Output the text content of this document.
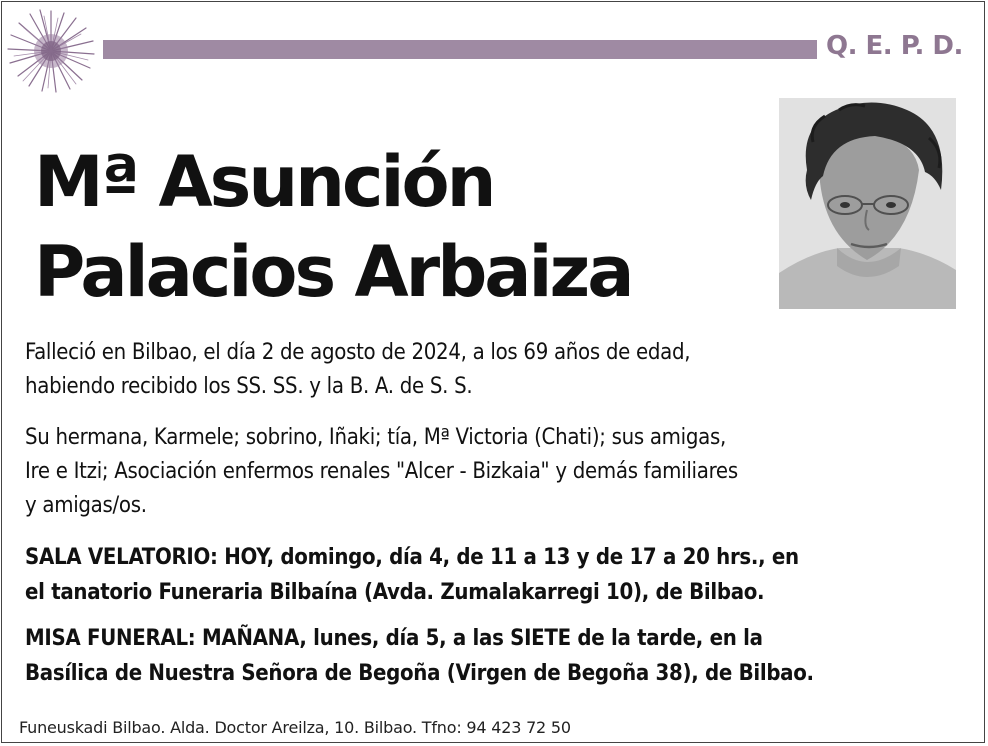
Q. E. P. D.
Mª Asunción
Palacios Arbaiza
Falleció en Bilbao, el día 2 de agosto de 2024, a los 69 años de edad,
habiendo recibido los SS. SS. y la B. A. de S. S.
Su hermana, Karmele; sobrino, Iñaki; tía, Mª Victoria (Chati); sus amigas,
Ire e Itzi; Asociación enfermos renales "Alcer - Bizkaia" y demás familiares
y amigas/os.
SALA VELATORIO: HOY, domingo, día 4, de 11 a 13 y de 17 a 20 hrs., en
el tanatorio Funeraria Bilbaína (Avda. Zumalakarregi 10), de Bilbao.
MISA FUNERAL: MAÑANA, lunes, día 5, a las SIETE de la tarde, en la
Basílica de Nuestra Señora de Begoña (Virgen de Begoña 38), de Bilbao.
Funeuskadi Bilbao. Alda. Doctor Areilza, 10. Bilbao. Tfno: 94 423 72 50
